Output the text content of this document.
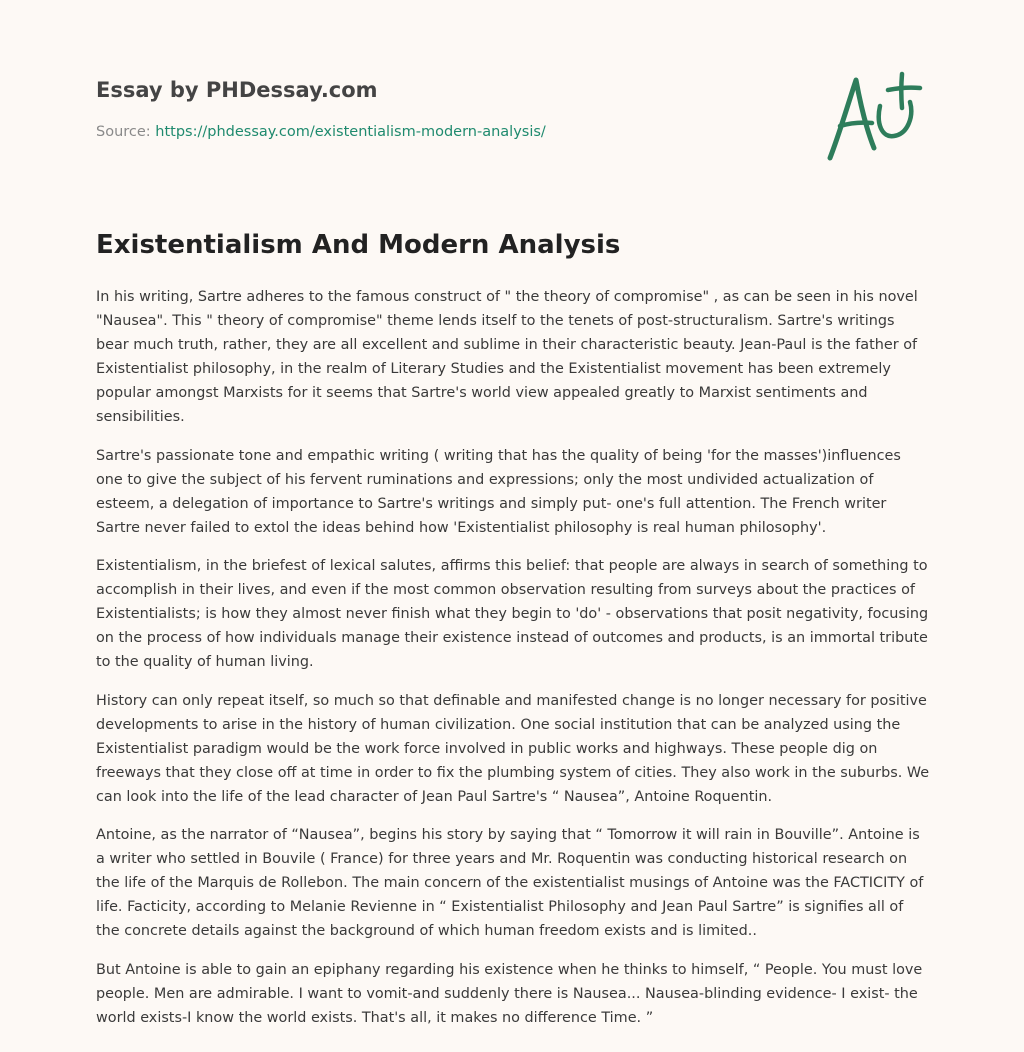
Essay by PHDessay.com
Source: https://phdessay.com/existentialism-modern-analysis/
Existentialism And Modern Analysis

In his writing, Sartre adheres to the famous construct of " the theory of compromise" , as can be seen in his novel "Nausea". This " theory of compromise" theme lends itself to the tenets of post-structuralism. Sartre's writings bear much truth, rather, they are all excellent and sublime in their characteristic beauty. Jean-Paul is the father of Existentialist philosophy, in the realm of Literary Studies and the Existentialist movement has been extremely popular amongst Marxists for it seems that Sartre's world view appealed greatly to Marxist sentiments and sensibilities.

Sartre's passionate tone and empathic writing ( writing that has the quality of being 'for the masses')influences one to give the subject of his fervent ruminations and expressions; only the most undivided actualization of esteem, a delegation of importance to Sartre's writings and simply put- one's full attention. The French writer Sartre never failed to extol the ideas behind how 'Existentialist philosophy is real human philosophy'.

Existentialism, in the briefest of lexical salutes, affirms this belief: that people are always in search of something to accomplish in their lives, and even if the most common observation resulting from surveys about the practices of Existentialists; is how they almost never finish what they begin to 'do' - observations that posit negativity, focusing on the process of how individuals manage their existence instead of outcomes and products, is an immortal tribute to the quality of human living.

History can only repeat itself, so much so that definable and manifested change is no longer necessary for positive developments to arise in the history of human civilization. One social institution that can be analyzed using the Existentialist paradigm would be the work force involved in public works and highways. These people dig on freeways that they close off at time in order to fix the plumbing system of cities. They also work in the suburbs. We can look into the life of the lead character of Jean Paul Sartre's “ Nausea”, Antoine Roquentin.

Antoine, as the narrator of “Nausea”, begins his story by saying that “ Tomorrow it will rain in Bouville”. Antoine is a writer who settled in Bouvile ( France) for three years and Mr. Roquentin was conducting historical research on the life of the Marquis de Rollebon. The main concern of the existentialist musings of Antoine was the FACTICITY of life. Facticity, according to Melanie Revienne in “ Existentialist Philosophy and Jean Paul Sartre” is signifies all of the concrete details against the background of which human freedom exists and is limited..

But Antoine is able to gain an epiphany regarding his existence when he thinks to himself, “ People. You must love people. Men are admirable. I want to vomit-and suddenly there is Nausea... Nausea-blinding evidence- I exist- the world exists-I know the world exists. That's all, it makes no difference Time. ”
